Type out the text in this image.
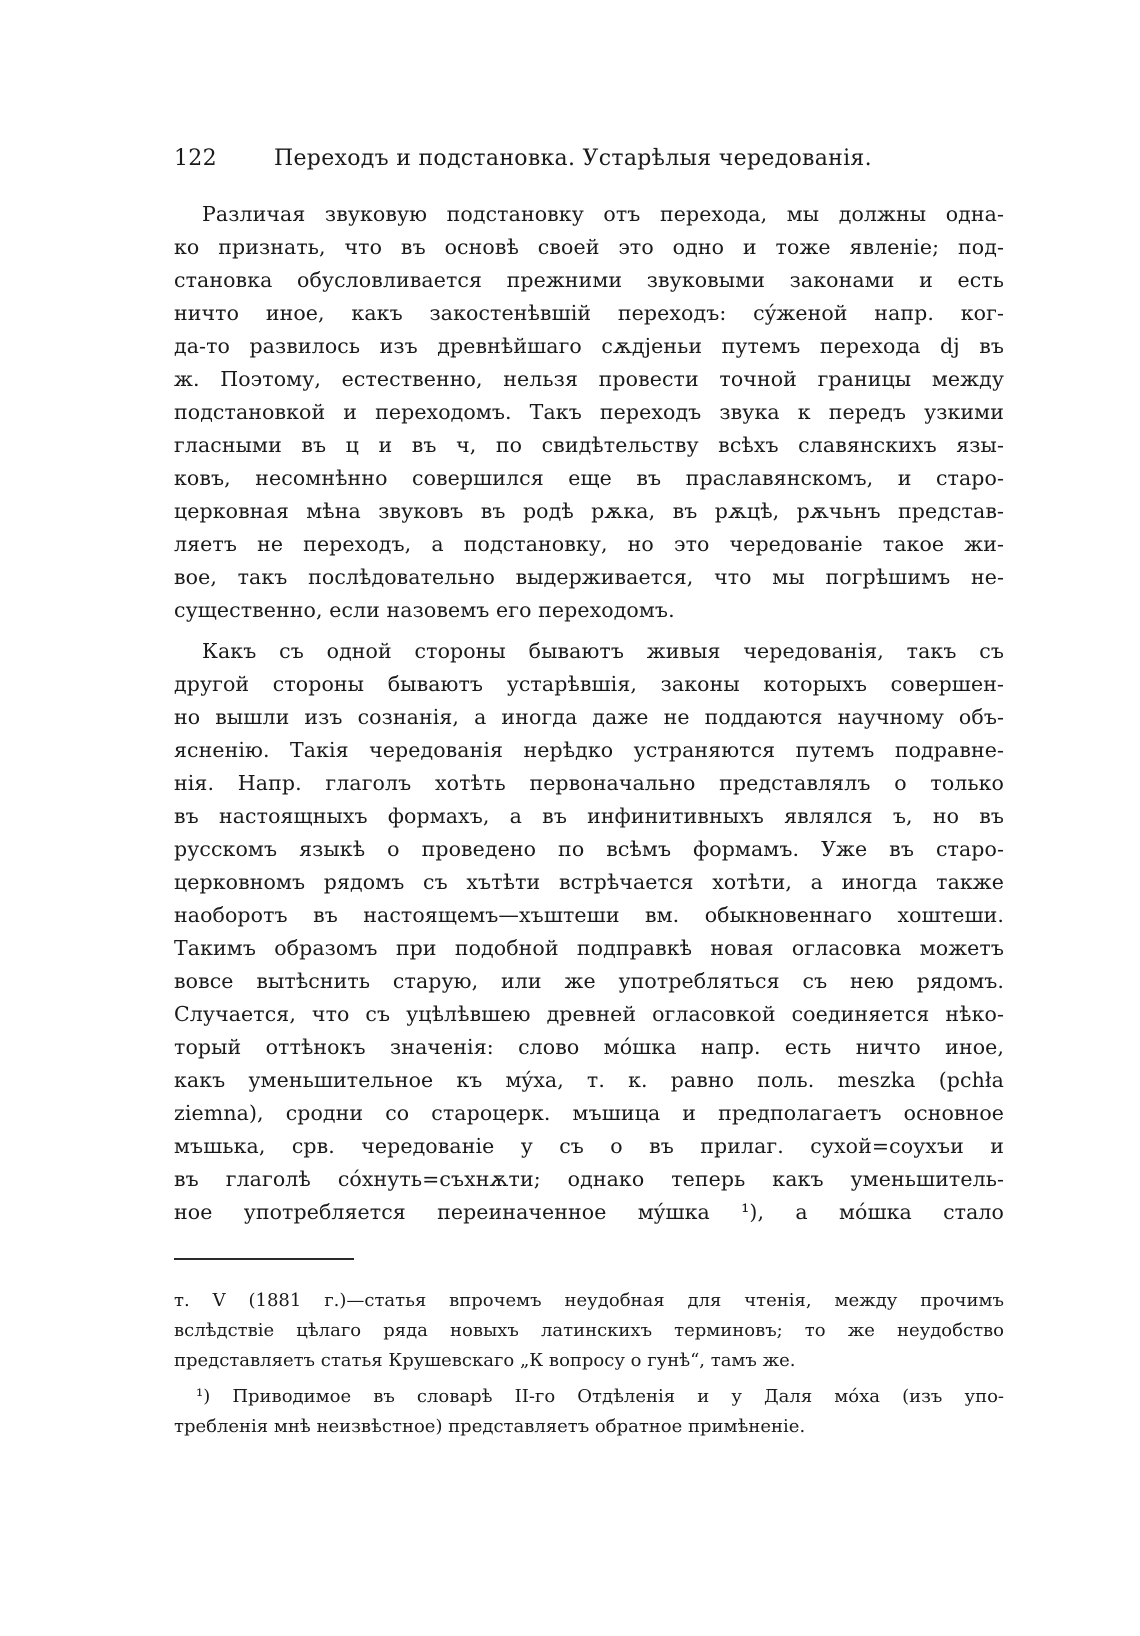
122	Переходъ и подстановка. Устарѣлыя чередованія.
Различая звуковую подстановку отъ перехода, мы должны одна-
ко признать, что въ основѣ своей это одно и тоже явленіе; под-
становка обусловливается прежними звуковыми законами и есть
ничто иное, какъ закостенѣвшій переходъ: сýженой напр. ког-
да-то развилось изъ древнѣйшаго сѫдjеньи путемъ перехода dj въ
ж. Поэтому, естественно, нельзя провести точной границы между
подстановкой и переходомъ. Такъ переходъ звука к передъ узкими
гласными въ ц и въ ч, по свидѣтельству всѣхъ славянскихъ язы-
ковъ, несомнѣнно совершился еще въ праславянскомъ, и старо-
церковная мѣна звуковъ въ родѣ рѫка, въ рѫцѣ, рѫчьнъ представ-
ляетъ не переходъ, а подстановку, но это чередованіе такое жи-
вое, такъ послѣдовательно выдерживается, что мы погрѣшимъ не-
существенно, если назовемъ его переходомъ.
Какъ съ одной стороны бываютъ живыя чередованія, такъ съ
другой стороны бываютъ устарѣвшія, законы которыхъ совершен-
но вышли изъ сознанія, а иногда даже не поддаются научному объ-
ясненію. Такія чередованія нерѣдко устраняются путемъ подравне-
нія. Напр. глаголъ хотѣть первоначально представлялъ о только
въ настоящныхъ формахъ, а въ инфинитивныхъ являлся ъ, но въ
русскомъ языкѣ о проведено по всѣмъ формамъ. Уже въ старо-
церковномъ рядомъ съ хътѣти встрѣчается хотѣти, а иногда также
наоборотъ въ настоящемъ—хъштеши вм. обыкновеннаго хоштеши.
Такимъ образомъ при подобной подправкѣ новая огласовка можетъ
вовсе вытѣснить старую, или же употребляться съ нею рядомъ.
Случается, что съ уцѣлѣвшею древней огласовкой соединяется нѣко-
торый оттѣнокъ значенія: слово мóшка напр. есть ничто иное,
какъ уменьшительное къ мýха, т. к. равно поль. meszka (pchła
ziemna), сродни со староцерк. мъшица и предполагаетъ основное
мъшька, срв. чередованіе у съ о въ прилаг. сухой=соухъи и
въ глаголѣ сóхнуть=съхнѫти; однако теперь какъ уменьшитель-
ное употребляется переиначенное мýшка ¹), а мóшка стало
т. V (1881 г.)—статья впрочемъ неудобная для чтенія, между прочимъ
вслѣдствіе цѣлаго ряда новыхъ латинскихъ терминовъ; то же неудобство
представляетъ статья Крушевскаго „К вопросу о гунѣ“, тамъ же.
¹) Приводимое въ словарѣ II-го Отдѣленія и у Даля мóха (изъ упо-
требленія мнѣ неизвѣстное) представляетъ обратное примѣненіе.
